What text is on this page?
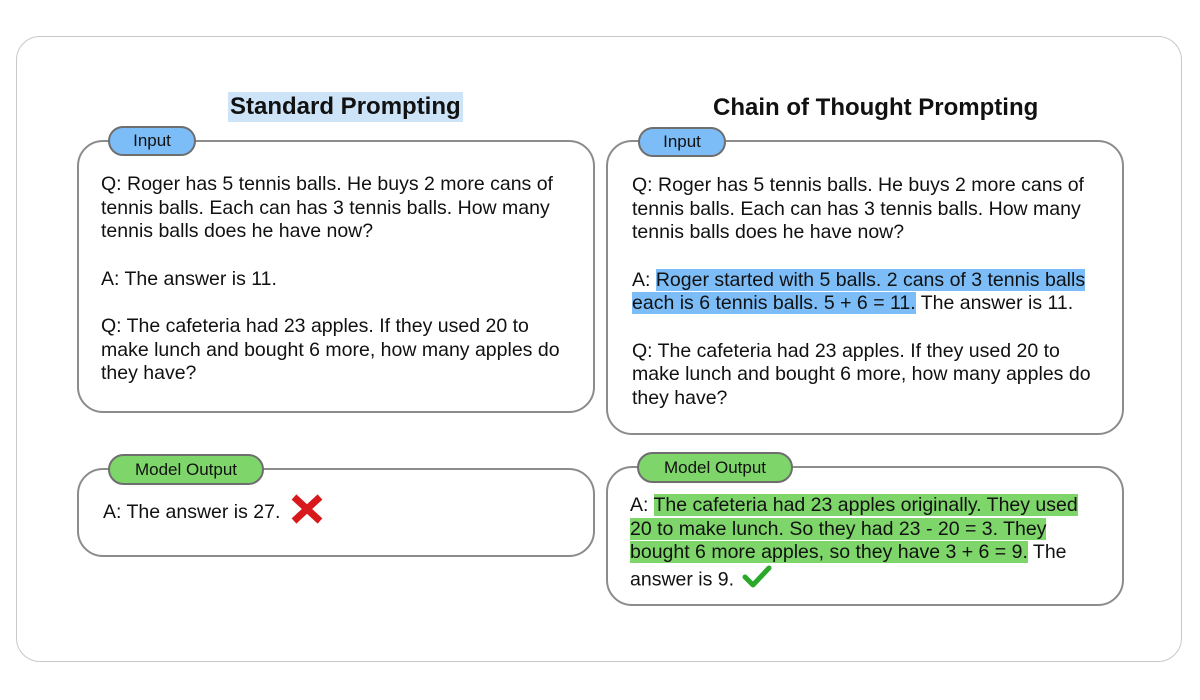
Standard Prompting

Q: Roger has 5 tennis balls. He buys 2 more cans of tennis balls. Each can has 3 tennis balls. How many tennis balls does he have now?

A: The answer is 11.

Q: The cafeteria had 23 apples. If they used 20 to make lunch and bought 6 more, how many apples do they have?

Input
A: The answer is 27.
Model Output
Chain of Thought Prompting

Q: Roger has 5 tennis balls. He buys 2 more cans of tennis balls. Each can has 3 tennis balls. How many tennis balls does he have now?

A: Roger started with 5 balls. 2 cans of 3 tennis balls each is 6 tennis balls. 5 + 6 = 11. The answer is 11.

Q: The cafeteria had 23 apples. If they used 20 to make lunch and bought 6 more, how many apples do they have?

Input

A: The cafeteria had 23 apples originally. They used 20 to make lunch. So they had 23 - 20 = 3. They bought 6 more apples, so they have 3 + 6 = 9. The answer is 9.

Model Output
